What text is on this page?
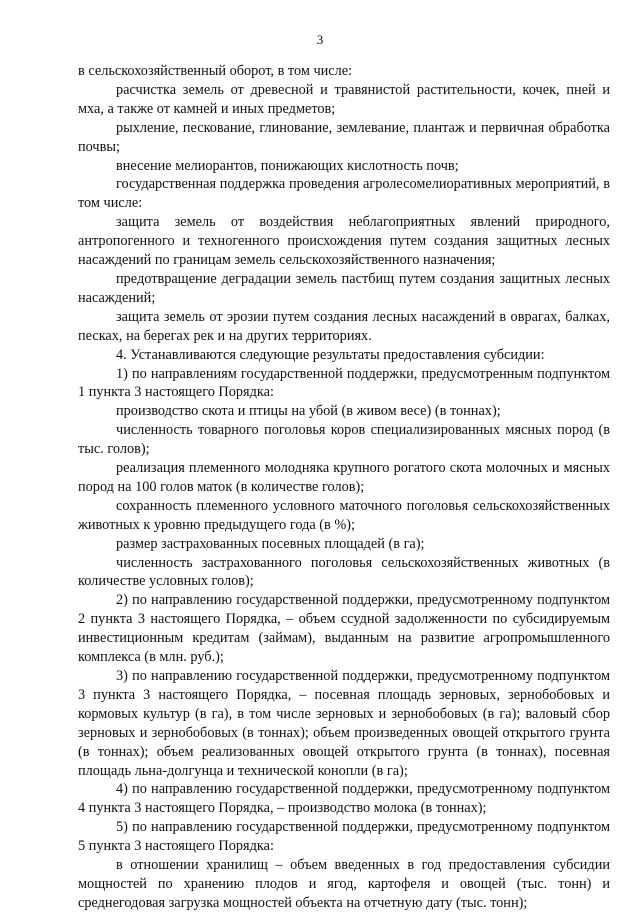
3

в сельскохозяйственный оборот, в том числе:

расчистка земель от древесной и травянистой растительности, кочек, пней и мха, а также от камней и иных предметов;

рыхление, пескование, глинование, землевание, плантаж и первичная обработка почвы;

внесение мелиорантов, понижающих кислотность почв;

государственная поддержка проведения агролесомелиоративных мероприятий, в том числе:

защита земель от воздействия неблагоприятных явлений природного, антропогенного и техногенного происхождения путем создания защитных лесных насаждений по границам земель сельскохозяйственного назначения;

предотвращение деградации земель пастбищ путем создания защитных лесных насаждений;

защита земель от эрозии путем создания лесных насаждений в оврагах, балках, песках, на берегах рек и на других территориях.

4. Устанавливаются следующие результаты предоставления субсидии:

1) по направлениям государственной поддержки, предусмотренным подпунктом 1 пункта 3 настоящего Порядка:

производство скота и птицы на убой (в живом весе) (в тоннах);

численность товарного поголовья коров специализированных мясных пород (в тыс. голов);

реализация племенного молодняка крупного рогатого скота молочных и мясных пород на 100 голов маток (в количестве голов);

сохранность племенного условного маточного поголовья сельскохозяйственных животных к уровню предыдущего года (в %);

размер застрахованных посевных площадей (в га);

численность застрахованного поголовья сельскохозяйственных животных (в количестве условных голов);

2) по направлению государственной поддержки, предусмотренному подпунктом 2 пункта 3 настоящего Порядка, – объем ссудной задолженности по субсидируемым инвестиционным кредитам (займам), выданным на развитие агропромышленного комплекса (в млн. руб.);

3) по направлению государственной поддержки, предусмотренному подпунктом 3 пункта 3 настоящего Порядка, – посевная площадь зерновых, зернобобовых и кормовых культур (в га), в том числе зерновых и зернобобовых (в га); валовый сбор зерновых и зернобобовых (в тоннах); объем произведенных овощей открытого грунта (в тоннах); объем реализованных овощей открытого грунта (в тоннах), посевная площадь льна-долгунца и технической конопли (в га);

4) по направлению государственной поддержки, предусмотренному подпунктом 4 пункта 3 настоящего Порядка, – производство молока (в тоннах);

5) по направлению государственной поддержки, предусмотренному подпунктом 5 пункта 3 настоящего Порядка:

в отношении хранилищ – объем введенных в год предоставления субсидии мощностей по хранению плодов и ягод, картофеля и овощей (тыс. тонн) и среднегодовая загрузка мощностей объекта на отчетную дату (тыс. тонн);
